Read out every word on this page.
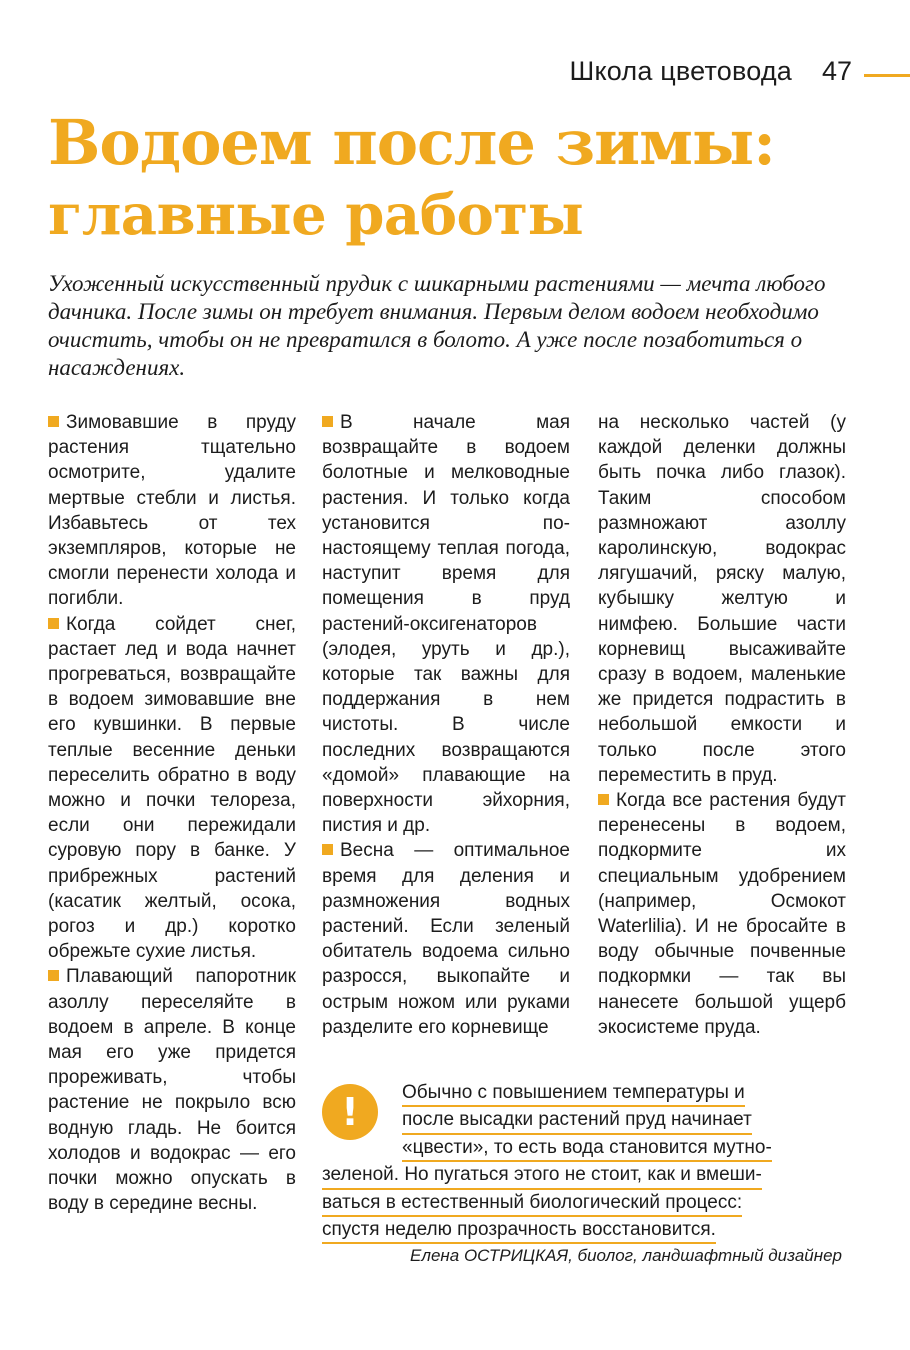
Школа цветовода 47
Водоем после зимы:
главные работы

Ухоженный искусственный прудик с шикарными растениями — мечта любого дачника. После зимы он требует внимания. Первым делом водоем необходимо очистить, чтобы он не превратился в болото. А уже после позаботиться о насаждениях.

Зимовавшие в пруду растения тщательно осмотрите, удалите мертвые стебли и листья. Избавьтесь от тех экземпляров, которые не смогли перенести холода и погибли.

Когда сойдет снег, растает лед и вода начнет прогреваться, возвращайте в водоем зимовавшие вне его кувшинки. В первые теплые весенние деньки переселить обратно в воду можно и почки телореза, если они пережидали суровую пору в банке. У прибрежных растений (касатик желтый, осока, рогоз и др.) коротко обрежьте сухие листья.

Плавающий папоротник азоллу переселяйте в водоем в апреле. В конце мая его уже придется прореживать, чтобы растение не покрыло всю водную гладь. Не боится холодов и водокрас — его почки можно опускать в воду в середине весны.

В начале мая возвращайте в водоем болотные и мелководные растения. И только когда установится по-настоящему теплая погода, наступит время для помещения в пруд растений-оксигенаторов (элодея, уруть и др.), которые так важны для поддержания в нем чистоты. В числе последних возвращаются «домой» плавающие на поверхности эйхорния, пистия и др.

Весна — оптимальное время для деления и размножения водных растений. Если зеленый обитатель водоема сильно разросся, выкопайте и острым ножом или руками разделите его корневище

на несколько частей (у каждой деленки должны быть почка либо глазок). Таким способом размножают азоллу каролинскую, водокрас лягушачий, ряску малую, кубышку желтую и нимфею. Большие части корневищ высаживайте сразу в водоем, маленькие же придется подрастить в небольшой емкости и только после этого переместить в пруд.

Когда все растения будут перенесены в водоем, подкормите их специальным удобрением (например, Осмокот Waterlilia). И не бросайте в воду обычные почвенные подкормки — так вы нанесете большой ущерб экосистеме пруда.

!	Обычно с повышением температуры и
после высадки растений пруд начинает
«цвести», то есть вода становится мутно-
зеленой. Но пугаться этого не стоит, как и вмеши-
ваться в естественный биологический процесс:
спустя неделю прозрачность восстановится.
Елена ОСТРИЦКАЯ, биолог, ландшафтный дизайнер
